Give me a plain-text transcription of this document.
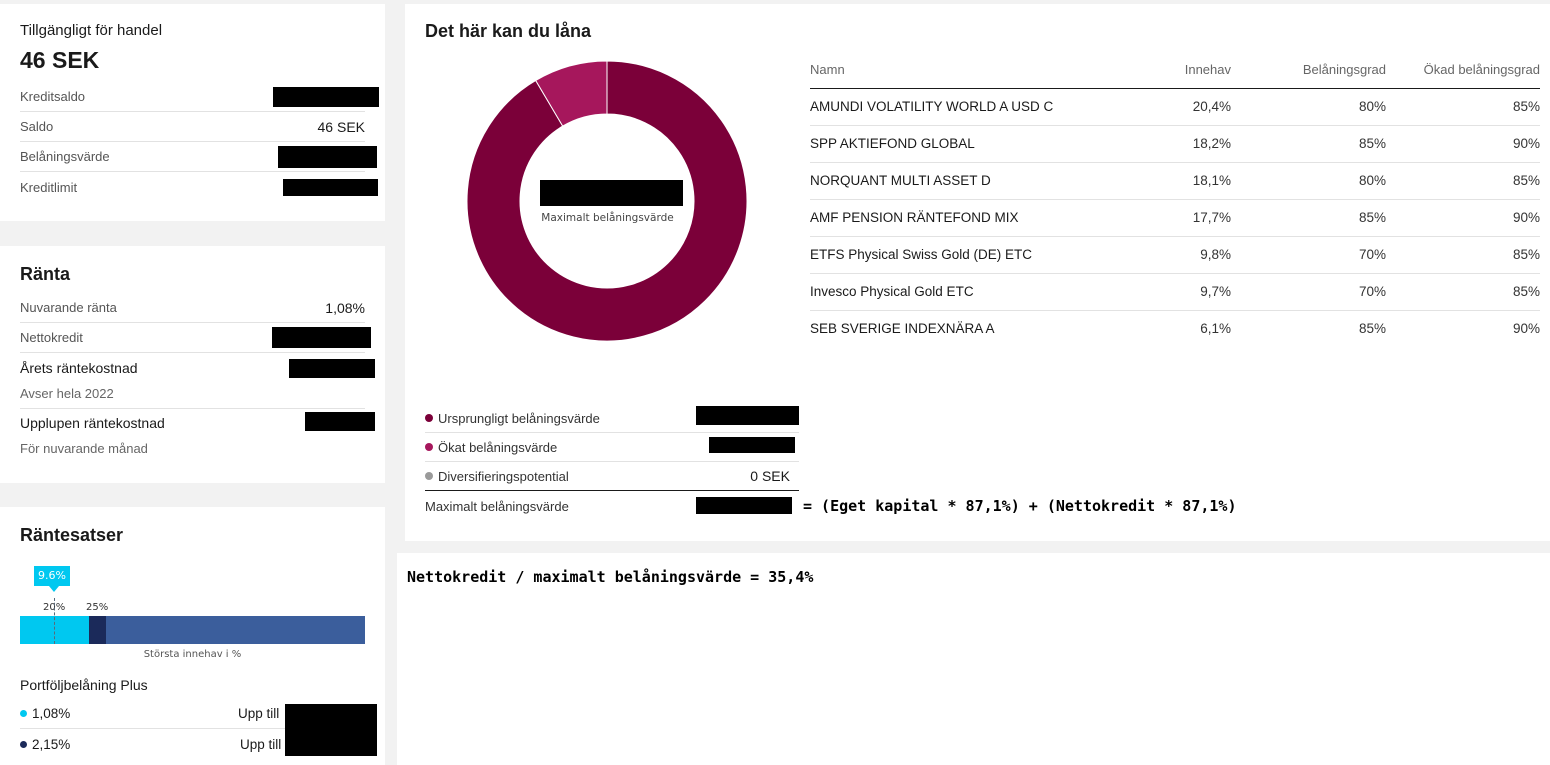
Tillgängligt för handel
46 SEK
Kreditsaldo
Saldo	46 SEK
Belåningsvärde
Kreditlimit
Ränta
Nuvarande ränta	1,08%
Nettokredit
Årets räntekostnad
Avser hela 2022
Upplupen räntekostnad
För nuvarande månad
Räntesatser
9.6%
20% 25%
Största innehav i %
Portföljbelåning Plus
1,08%	Upp till
2,15%	Upp till
Det här kan du låna
Maximalt belåningsvärde
Namn	Innehav	Belåningsgrad	Ökad belåningsgrad
AMUNDI VOLATILITY WORLD A USD C	20,4%	80%	85%
SPP AKTIEFOND GLOBAL	18,2%	85%	90%
NORQUANT MULTI ASSET D	18,1%	80%	85%
AMF PENSION RÄNTEFOND MIX	17,7%	85%	90%
ETFS Physical Swiss Gold (DE) ETC	9,8%	70%	85%
Invesco Physical Gold ETC	9,7%	70%	85%
SEB SVERIGE INDEXNÄRA A	6,1%	85%	90%
Ursprungligt belåningsvärde
Ökat belåningsvärde
Diversifieringspotential	0 SEK
Maximalt belåningsvärde	= (Eget kapital * 87,1%) + (Nettokredit * 87,1%)
Nettokredit / maximalt belåningsvärde = 35,4%
